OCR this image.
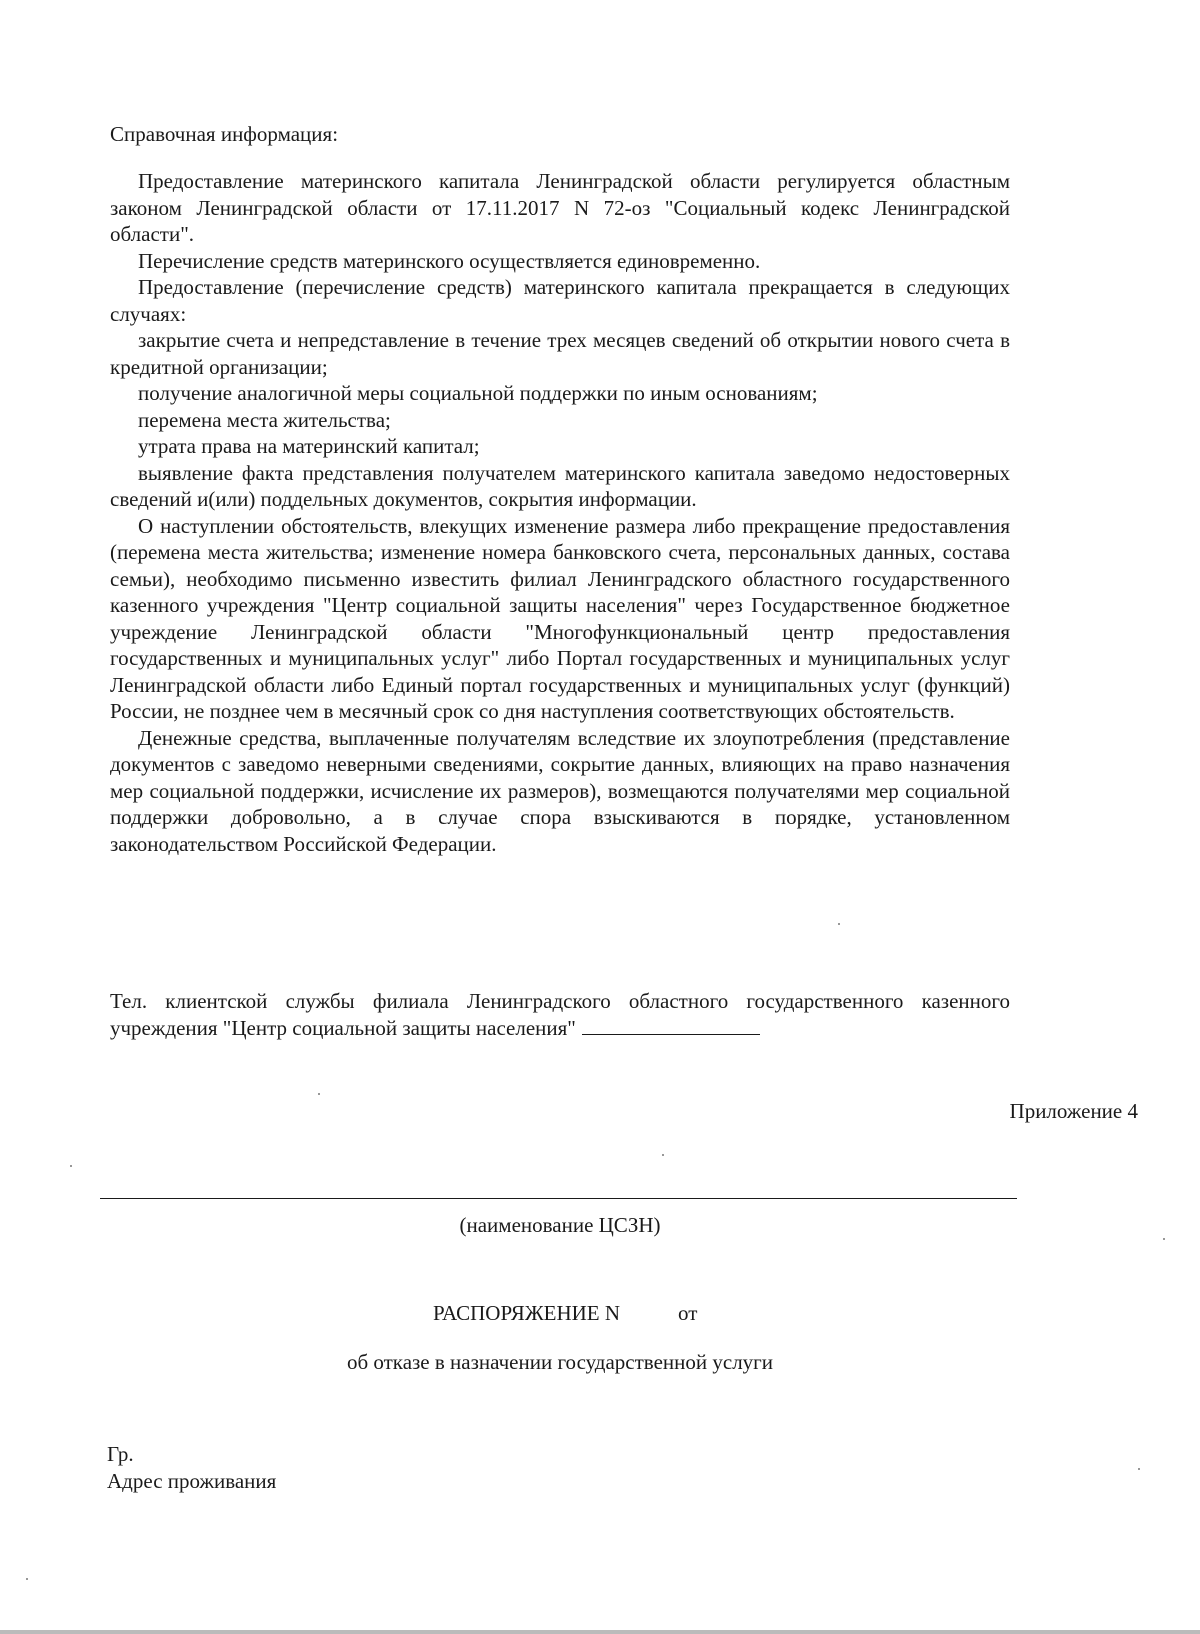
Справочная информация:

Предоставление материнского капитала Ленинградской области регулируется областным законом Ленинградской области от 17.11.2017 N 72-оз "Социальный кодекс Ленинградской области".

Перечисление средств материнского осуществляется единовременно.

Предоставление (перечисление средств) материнского капитала прекращается в следующих случаях:

закрытие счета и непредставление в течение трех месяцев сведений об открытии нового счета в кредитной организации;

получение аналогичной меры социальной поддержки по иным основаниям;

перемена места жительства;

утрата права на материнский капитал;

выявление факта представления получателем материнского капитала заведомо недостоверных сведений и(или) поддельных документов, сокрытия информации.

О наступлении обстоятельств, влекущих изменение размера либо прекращение предоставления (перемена места жительства; изменение номера банковского счета, персональных данных, состава семьи), необходимо письменно известить филиал Ленинградского областного государственного казенного учреждения "Центр социальной защиты населения" через Государственное бюджетное учреждение Ленинградской области "Многофункциональный центр предоставления государственных и муниципальных услуг" либо Портал государственных и муниципальных услуг Ленинградской области либо Единый портал государственных и муниципальных услуг (функций) России, не позднее чем в месячный срок со дня наступления соответствующих обстоятельств.

Денежные средства, выплаченные получателям вследствие их злоупотребления (представление документов с заведомо неверными сведениями, сокрытие данных, влияющих на право назначения мер социальной поддержки, исчисление их размеров), возмещаются получателями мер социальной поддержки добровольно, а в случае спора взыскиваются в порядке, установленном законодательством Российской Федерации.

Тел. клиентской службы филиала Ленинградского областного государственного казенного учреждения "Центр социальной защиты населения"
Приложение 4
(наименование ЦСЗН)
РАСПОРЯЖЕНИЕ N	от
об отказе в назначении государственной услуги
Гр.
Адрес проживания
